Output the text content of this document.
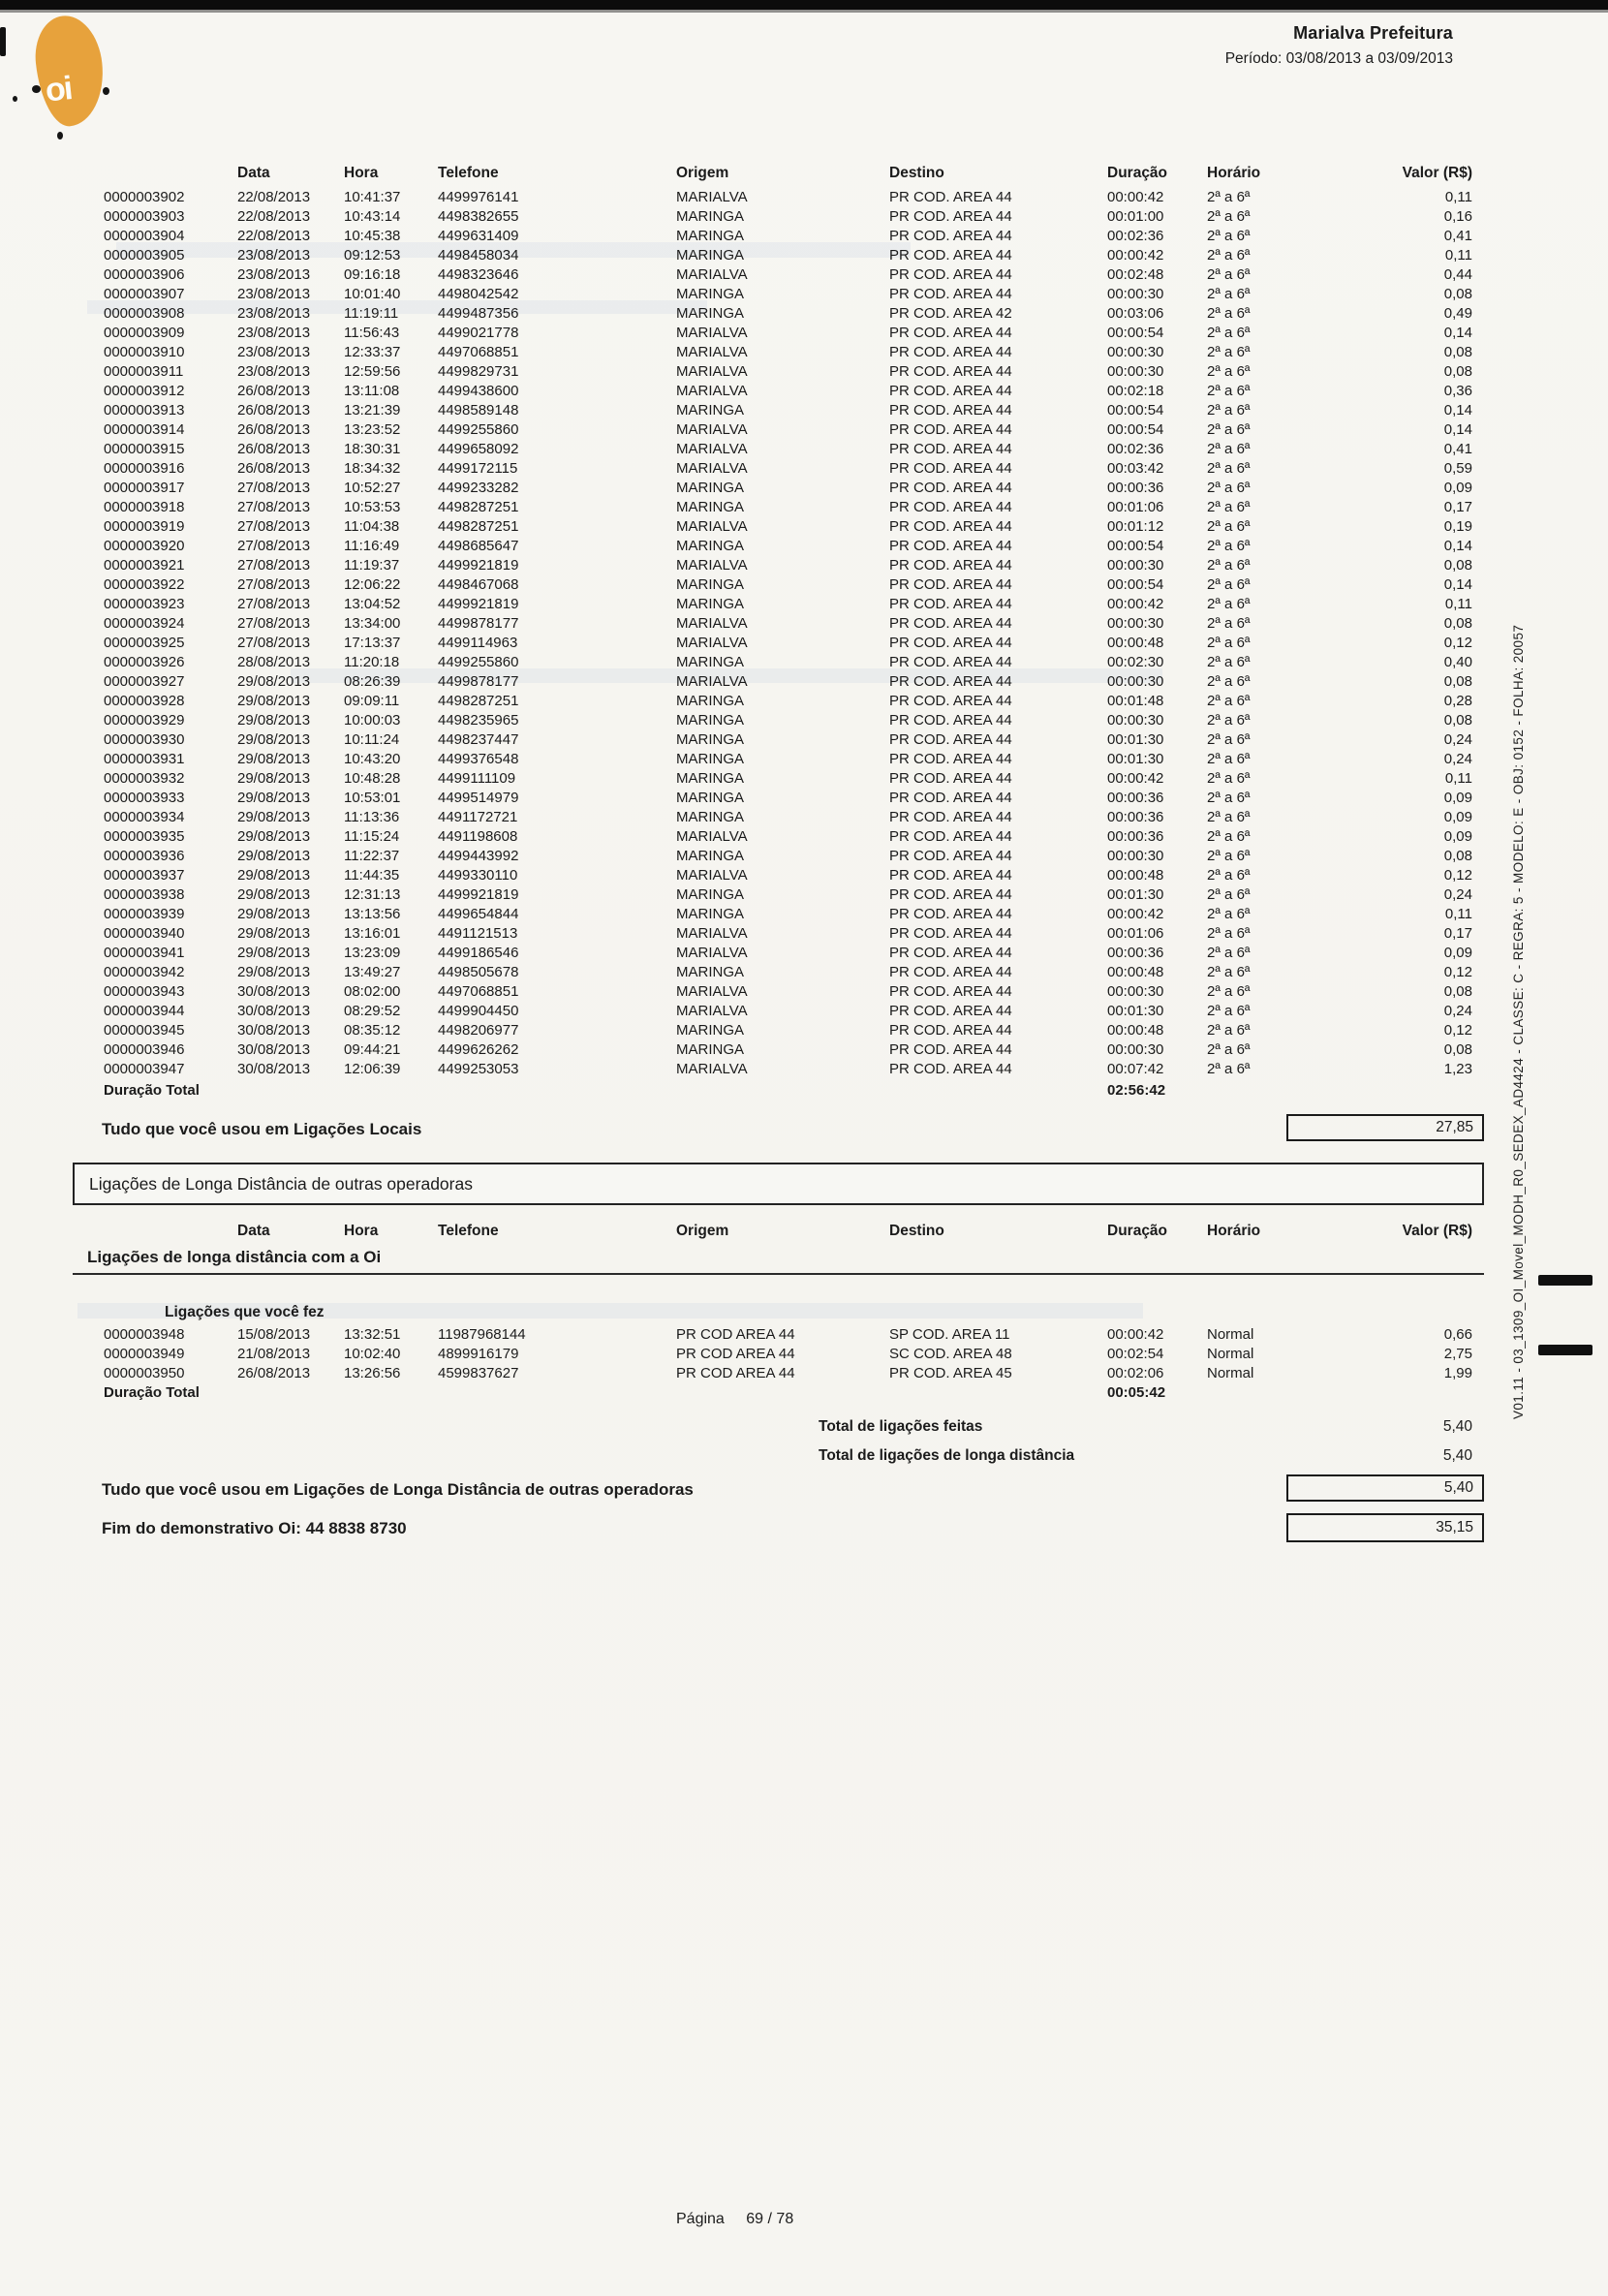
oi
Marialva Prefeitura
Período: 03/08/2013 a 03/09/2013
Data	Hora	Telefone	Origem	Destino	Duração	Horário	Valor (R$)
0000003902	22/08/2013	10:41:37	4499976141	MARIALVA	PR COD. AREA 44	00:00:42	2ª a 6ª	0,11
0000003903	22/08/2013	10:43:14	4498382655	MARINGA	PR COD. AREA 44	00:01:00	2ª a 6ª	0,16
0000003904	22/08/2013	10:45:38	4499631409	MARINGA	PR COD. AREA 44	00:02:36	2ª a 6ª	0,41
0000003905	23/08/2013	09:12:53	4498458034	MARINGA	PR COD. AREA 44	00:00:42	2ª a 6ª	0,11
0000003906	23/08/2013	09:16:18	4498323646	MARIALVA	PR COD. AREA 44	00:02:48	2ª a 6ª	0,44
0000003907	23/08/2013	10:01:40	4498042542	MARINGA	PR COD. AREA 44	00:00:30	2ª a 6ª	0,08
0000003908	23/08/2013	11:19:11	4499487356	MARINGA	PR COD. AREA 42	00:03:06	2ª a 6ª	0,49
0000003909	23/08/2013	11:56:43	4499021778	MARIALVA	PR COD. AREA 44	00:00:54	2ª a 6ª	0,14
0000003910	23/08/2013	12:33:37	4497068851	MARIALVA	PR COD. AREA 44	00:00:30	2ª a 6ª	0,08
0000003911	23/08/2013	12:59:56	4499829731	MARIALVA	PR COD. AREA 44	00:00:30	2ª a 6ª	0,08
0000003912	26/08/2013	13:11:08	4499438600	MARIALVA	PR COD. AREA 44	00:02:18	2ª a 6ª	0,36
0000003913	26/08/2013	13:21:39	4498589148	MARINGA	PR COD. AREA 44	00:00:54	2ª a 6ª	0,14
0000003914	26/08/2013	13:23:52	4499255860	MARIALVA	PR COD. AREA 44	00:00:54	2ª a 6ª	0,14
0000003915	26/08/2013	18:30:31	4499658092	MARIALVA	PR COD. AREA 44	00:02:36	2ª a 6ª	0,41
0000003916	26/08/2013	18:34:32	4499172115	MARIALVA	PR COD. AREA 44	00:03:42	2ª a 6ª	0,59
0000003917	27/08/2013	10:52:27	4499233282	MARINGA	PR COD. AREA 44	00:00:36	2ª a 6ª	0,09
0000003918	27/08/2013	10:53:53	4498287251	MARINGA	PR COD. AREA 44	00:01:06	2ª a 6ª	0,17
0000003919	27/08/2013	11:04:38	4498287251	MARIALVA	PR COD. AREA 44	00:01:12	2ª a 6ª	0,19
0000003920	27/08/2013	11:16:49	4498685647	MARINGA	PR COD. AREA 44	00:00:54	2ª a 6ª	0,14
0000003921	27/08/2013	11:19:37	4499921819	MARIALVA	PR COD. AREA 44	00:00:30	2ª a 6ª	0,08
0000003922	27/08/2013	12:06:22	4498467068	MARINGA	PR COD. AREA 44	00:00:54	2ª a 6ª	0,14
0000003923	27/08/2013	13:04:52	4499921819	MARINGA	PR COD. AREA 44	00:00:42	2ª a 6ª	0,11
0000003924	27/08/2013	13:34:00	4499878177	MARIALVA	PR COD. AREA 44	00:00:30	2ª a 6ª	0,08
0000003925	27/08/2013	17:13:37	4499114963	MARIALVA	PR COD. AREA 44	00:00:48	2ª a 6ª	0,12
0000003926	28/08/2013	11:20:18	4499255860	MARINGA	PR COD. AREA 44	00:02:30	2ª a 6ª	0,40
0000003927	29/08/2013	08:26:39	4499878177	MARIALVA	PR COD. AREA 44	00:00:30	2ª a 6ª	0,08
0000003928	29/08/2013	09:09:11	4498287251	MARINGA	PR COD. AREA 44	00:01:48	2ª a 6ª	0,28
0000003929	29/08/2013	10:00:03	4498235965	MARINGA	PR COD. AREA 44	00:00:30	2ª a 6ª	0,08
0000003930	29/08/2013	10:11:24	4498237447	MARINGA	PR COD. AREA 44	00:01:30	2ª a 6ª	0,24
0000003931	29/08/2013	10:43:20	4499376548	MARINGA	PR COD. AREA 44	00:01:30	2ª a 6ª	0,24
0000003932	29/08/2013	10:48:28	4499111109	MARINGA	PR COD. AREA 44	00:00:42	2ª a 6ª	0,11
0000003933	29/08/2013	10:53:01	4499514979	MARINGA	PR COD. AREA 44	00:00:36	2ª a 6ª	0,09
0000003934	29/08/2013	11:13:36	4491172721	MARINGA	PR COD. AREA 44	00:00:36	2ª a 6ª	0,09
0000003935	29/08/2013	11:15:24	4491198608	MARIALVA	PR COD. AREA 44	00:00:36	2ª a 6ª	0,09
0000003936	29/08/2013	11:22:37	4499443992	MARINGA	PR COD. AREA 44	00:00:30	2ª a 6ª	0,08
0000003937	29/08/2013	11:44:35	4499330110	MARIALVA	PR COD. AREA 44	00:00:48	2ª a 6ª	0,12
0000003938	29/08/2013	12:31:13	4499921819	MARINGA	PR COD. AREA 44	00:01:30	2ª a 6ª	0,24
0000003939	29/08/2013	13:13:56	4499654844	MARINGA	PR COD. AREA 44	00:00:42	2ª a 6ª	0,11
0000003940	29/08/2013	13:16:01	4491121513	MARIALVA	PR COD. AREA 44	00:01:06	2ª a 6ª	0,17
0000003941	29/08/2013	13:23:09	4499186546	MARIALVA	PR COD. AREA 44	00:00:36	2ª a 6ª	0,09
0000003942	29/08/2013	13:49:27	4498505678	MARINGA	PR COD. AREA 44	00:00:48	2ª a 6ª	0,12
0000003943	30/08/2013	08:02:00	4497068851	MARIALVA	PR COD. AREA 44	00:00:30	2ª a 6ª	0,08
0000003944	30/08/2013	08:29:52	4499904450	MARIALVA	PR COD. AREA 44	00:01:30	2ª a 6ª	0,24
0000003945	30/08/2013	08:35:12	4498206977	MARINGA	PR COD. AREA 44	00:00:48	2ª a 6ª	0,12
0000003946	30/08/2013	09:44:21	4499626262	MARINGA	PR COD. AREA 44	00:00:30	2ª a 6ª	0,08
0000003947	30/08/2013	12:06:39	4499253053	MARIALVA	PR COD. AREA 44	00:07:42	2ª a 6ª	1,23
Duração Total	02:56:42
Tudo que você usou em Ligações Locais	27,85
Ligações de Longa Distância de outras operadoras
Data	Hora	Telefone	Origem	Destino	Duração	Horário	Valor (R$)
Ligações de longa distância com a Oi
Ligações que você fez
0000003948	15/08/2013	13:32:51	11987968144	PR COD AREA 44	SP COD. AREA 11	00:00:42	Normal	0,66
0000003949	21/08/2013	10:02:40	4899916179	PR COD AREA 44	SC COD. AREA 48	00:02:54	Normal	2,75
0000003950	26/08/2013	13:26:56	4599837627	PR COD AREA 44	PR COD. AREA 45	00:02:06	Normal	1,99
Duração Total	00:05:42
Total de ligações feitas	5,40
Total de ligações de longa distância	5,40
Tudo que você usou em Ligações de Longa Distância de outras operadoras	5,40
Fim do demonstrativo Oi: 44 8838 8730	35,15
V01.11 - 03_1309_OI_Movel_MODH_R0_SEDEX_AD4424 - CLASSE: C - REGRA: 5 - MODELO: E - OBJ: 0152 - FOLHA: 20057
Página 69 / 78
